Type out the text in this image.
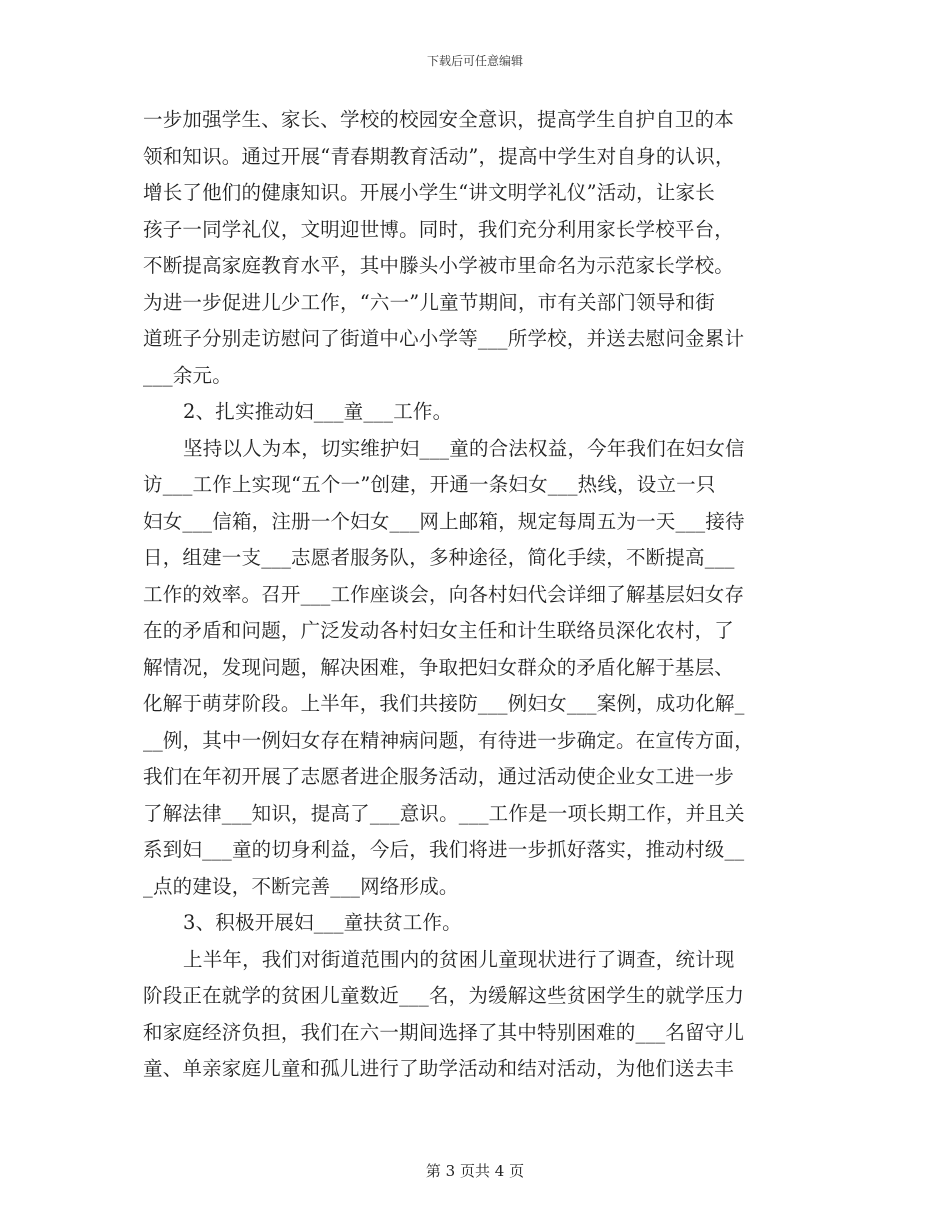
下载后可任意编辑
一步加强学生、家长、学校的校园安全意识，提高学生自护自卫的本
领和知识。通过开展“青春期教育活动”，提高中学生对自身的认识，
增长了他们的健康知识。开展小学生“讲文明学礼仪”活动，让家长
孩子一同学礼仪，文明迎世博。同时，我们充分利用家长学校平台，
不断提高家庭教育水平，其中滕头小学被市里命名为示范家长学校。
为进一步促进儿少工作，“六一”儿童节期间，市有关部门领导和街
道班子分别走访慰问了街道中心小学等___所学校，并送去慰问金累计
___余元。
2、扎实推动妇___童___工作。
坚持以人为本，切实维护妇___童的合法权益，今年我们在妇女信
访___工作上实现“五个一”创建，开通一条妇女___热线，设立一只
妇女___信箱，注册一个妇女___网上邮箱，规定每周五为一天___接待
日，组建一支___志愿者服务队，多种途径，简化手续，不断提高___
工作的效率。召开___工作座谈会，向各村妇代会详细了解基层妇女存
在的矛盾和问题，广泛发动各村妇女主任和计生联络员深化农村，了
解情况，发现问题，解决困难，争取把妇女群众的矛盾化解于基层、
化解于萌芽阶段。上半年，我们共接防___例妇女___案例，成功化解_
__例，其中一例妇女存在精神病问题，有待进一步确定。在宣传方面，
我们在年初开展了志愿者进企服务活动，通过活动使企业女工进一步
了解法律___知识，提高了___意识。___工作是一项长期工作，并且关
系到妇___童的切身利益，今后，我们将进一步抓好落实，推动村级__
_点的建设，不断完善___网络形成。
3、积极开展妇___童扶贫工作。
上半年，我们对街道范围内的贫困儿童现状进行了调查，统计现
阶段正在就学的贫困儿童数近___名，为缓解这些贫困学生的就学压力
和家庭经济负担，我们在六一期间选择了其中特别困难的___名留守儿
童、单亲家庭儿童和孤儿进行了助学活动和结对活动，为他们送去丰
第 3 页共 4 页
